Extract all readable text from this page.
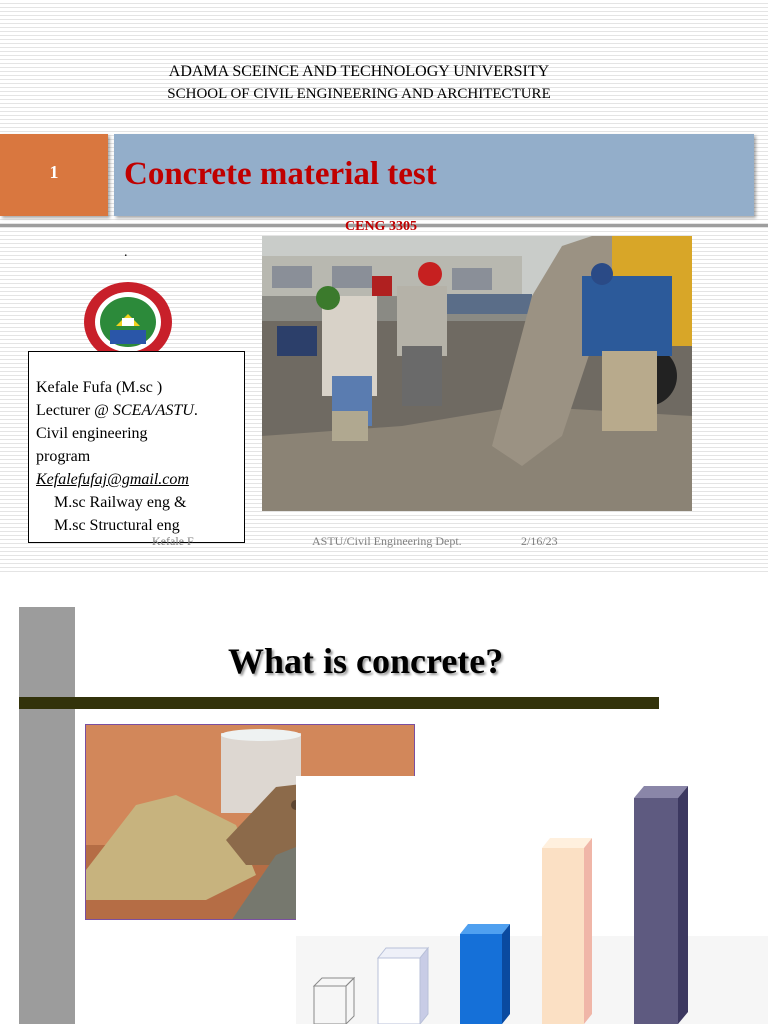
ADAMA SCEINCE AND TECHNOLOGY UNIVERSITY
SCHOOL OF CIVIL ENGINEERING AND ARCHITECTURE
1	Concrete material test
CENG 3305
.
Kefale Fufa (M.sc )
Lecturer @ SCEA/ASTU.
Civil engineering
program
Kefalefufaj@gmail.com
M.sc Railway eng &
M.sc Structural eng
Kefale F	ASTU/Civil Engineering Dept.	2/16/23
What is concrete?
